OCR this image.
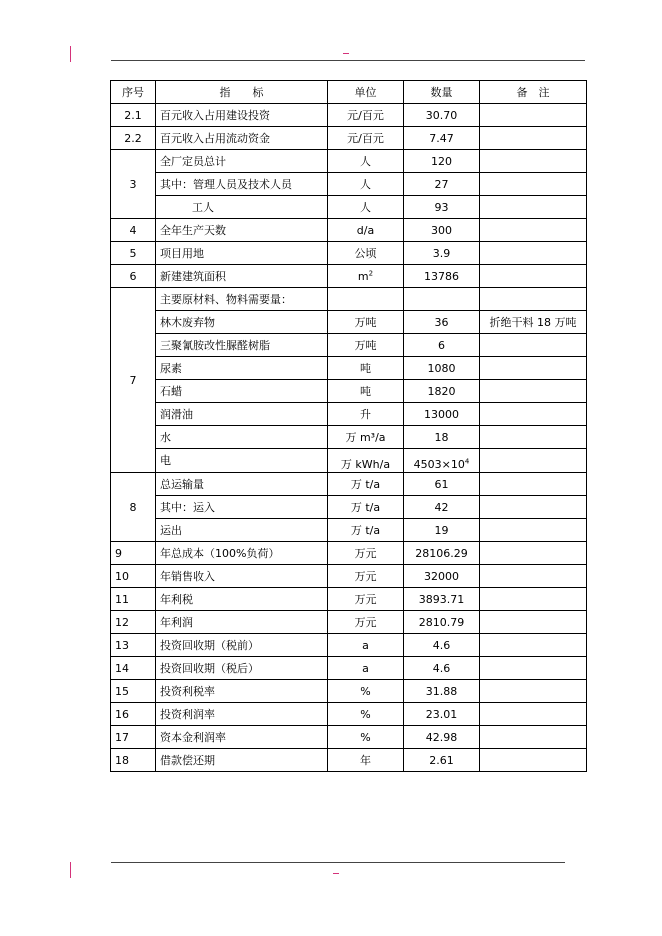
序号	指　　标	单位	数量	备　注
2.1	百元收入占用建设投资	元/百元	30.70	
2.2	百元收入占用流动资金	元/百元	7.47	
3	全厂定员总计	人	120	
	其中：管理人员及技术人员	人	27	
	工人	人	93	
4	全年生产天数	d/a	300	
5	项目用地	公顷	3.9	
6	新建建筑面积	$m^2$	13786	
7	主要原材料、物料需要量：			
	林木废弃物	万吨	36	折绝干料 18 万吨
	三聚氰胺改性脲醛树脂	万吨	6	
	尿素	吨	1080	
	石蜡	吨	1820	
	润滑油	升	13000	
	水	万 m³/a	18	
	电	万 kWh/a	$4503\times 10^4$	
8	总运输量	万 t/a	61	
	其中：运入	万 t/a	42	
	运出	万 t/a	19	
9	年总成本（100%负荷）	万元	28106.29	
10	年销售收入	万元	32000	
11	年利税	万元	3893.71	
12	年利润	万元	2810.79	
13	投资回收期（税前）	a	4.6	
14	投资回收期（税后）	a	4.6	
15	投资利税率	%	31.88	
16	投资利润率	%	23.01	
17	资本金利润率	%	42.98	
18	借款偿还期	年	2.61	
